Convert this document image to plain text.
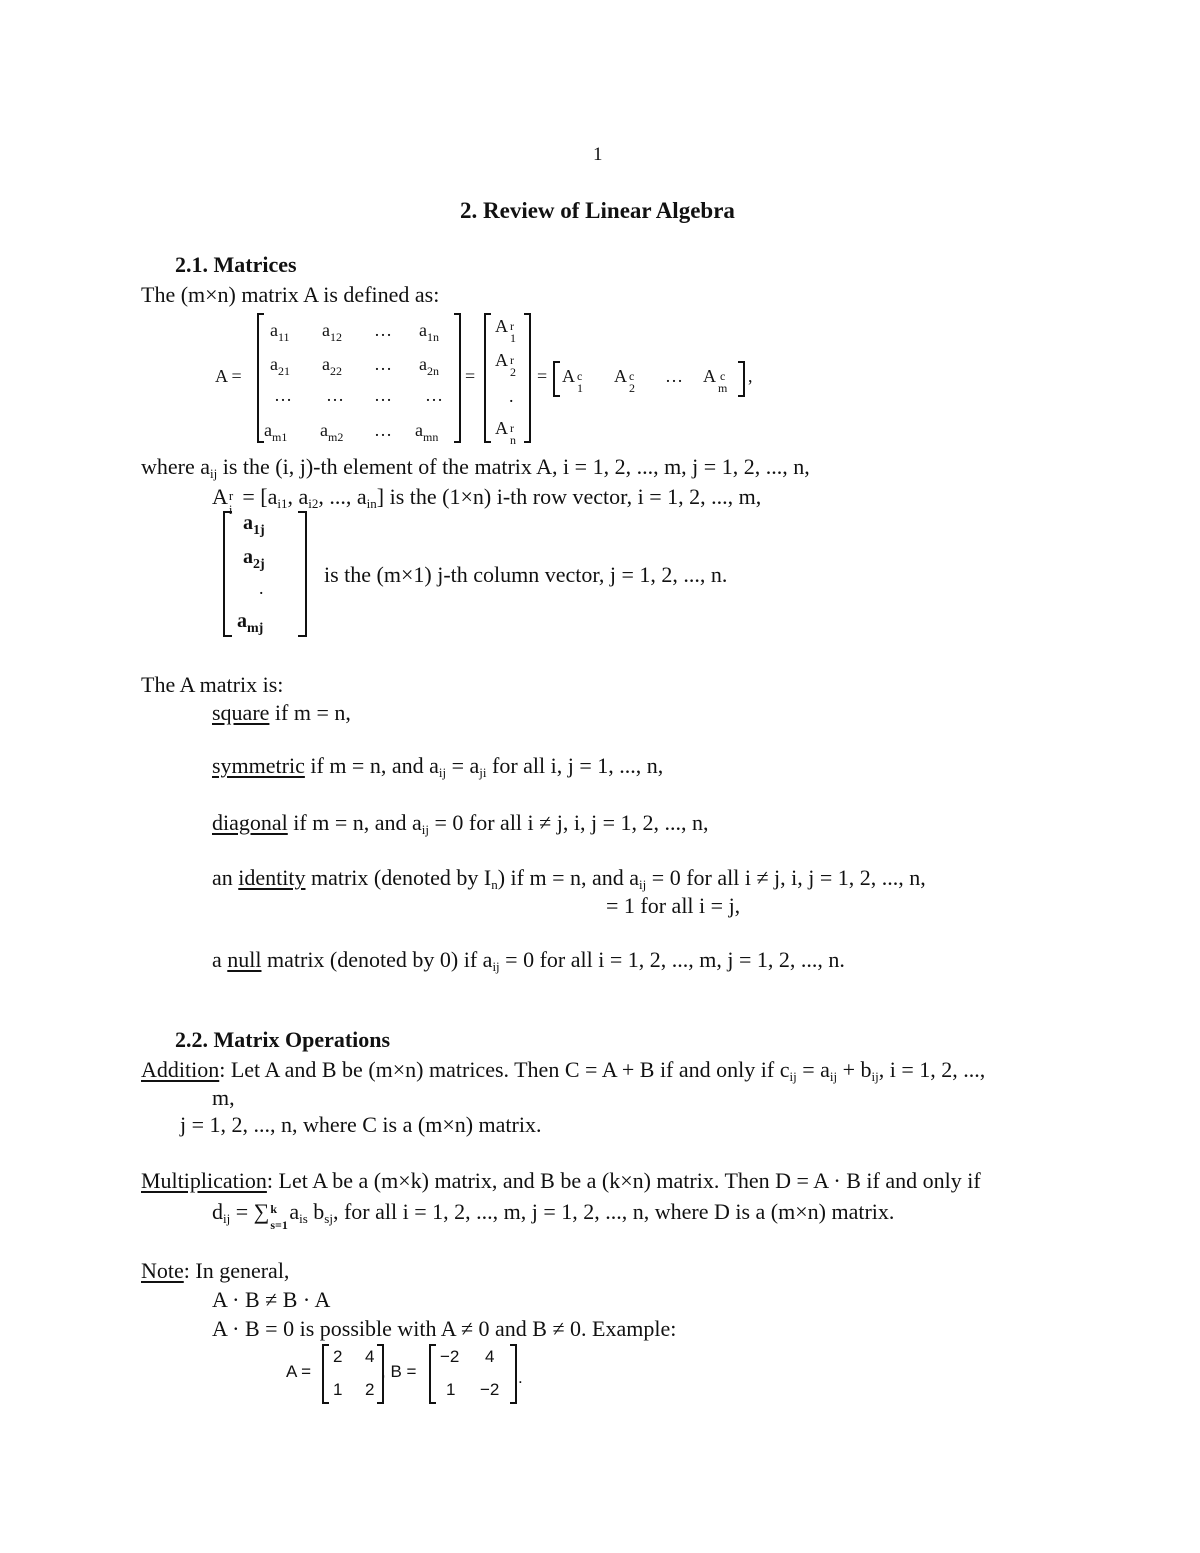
1
2. Review of Linear Algebra
2.1. Matrices
The (m×n) matrix A is defined as:
A =
$a_{11}$ $a_{12}$ … $a_{1n}$
$a_{21}$ $a_{22}$ … $a_{2n}$
… … … …
$a_{m1}$ $a_{m2}$ … $a_{mn}$
=
A r
1
A r
2
.
A r
n
= A c
1
A c
2
… A c
m
,
where $a_{ij}$ is the (i, j)-th element of the matrix A, i = 1, 2, ..., m, j = 1, 2, ..., n,
A r
i
= [$a_{i1}$, $a_{i2}$, ..., $a_{in}$] is the (1×n) i-th row vector, i = 1, 2, ..., m,
$a_{1j}$
$a_{2j}$
.
$a_{mj}$
is the (m×1) j-th column vector, j = 1, 2, ..., n.
The A matrix is:
square if m = n,
symmetric if m = n, and $a_{ij} = a_{ji}$ for all i, j = 1, ..., n,
diagonal if m = n, and $a_{ij} = 0$ for all i ≠ j, i, j = 1, 2, ..., n,
an identity matrix (denoted by $I_n$) if m = n, and $a_{ij} = 0$ for all i ≠ j, i, j = 1, 2, ..., n,
= 1 for all i = j,
a null matrix (denoted by 0) if $a_{ij} = 0$ for all i = 1, 2, ..., m, j = 1, 2, ..., n.
2.2. Matrix Operations
Addition: Let A and B be (m×n) matrices. Then C = A + B if and only if $c_{ij} = a_{ij} + b_{ij}$, i = 1, 2, ...,
m,
j = 1, 2, ..., n, where C is a (m×n) matrix.
Multiplication: Let A be a (m×k) matrix, and B be a (k×n) matrix. Then D = A · B if and only if
$d_{ij}$ = ∑ k
s=1
$a_{is}$ $b_{sj}$, for all i = 1, 2, ..., m, j = 1, 2, ..., n, where D is a (m×n) matrix.
Note: In general,
A · B ≠ B · A
A · B = 0 is possible with A ≠ 0 and B ≠ 0. Example:
A =
2 4
1 2
, B =
−2 4
1 −2
.
